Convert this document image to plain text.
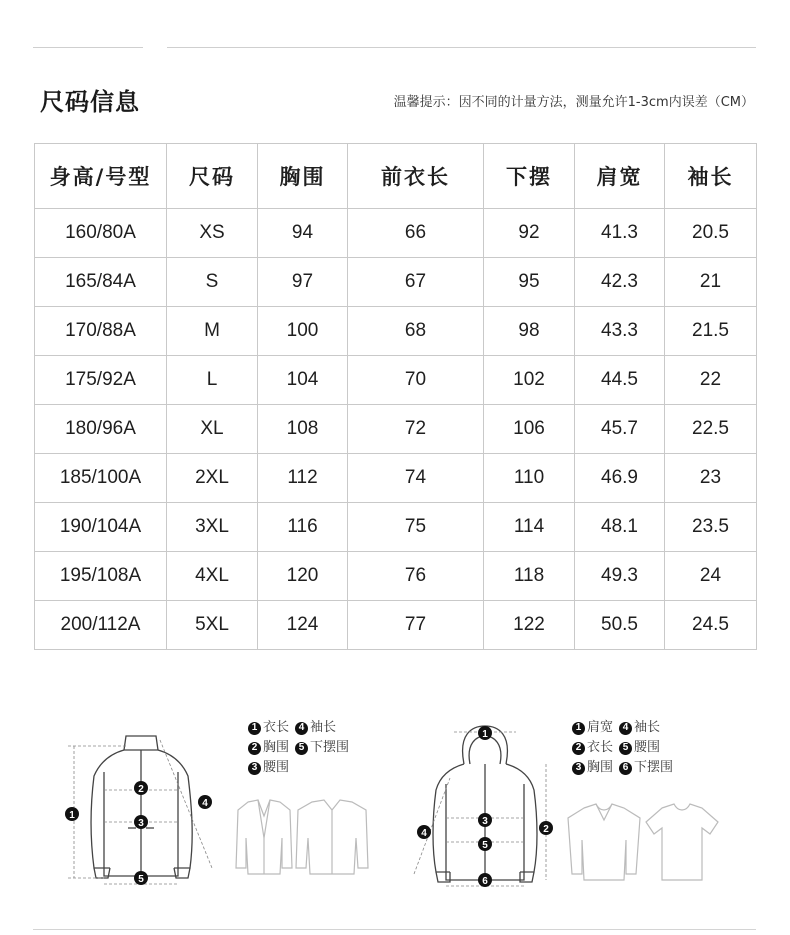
尺码信息	温馨提示：因不同的计量方法，测量允许1-3cm内误差（CM）
身高/号型	尺码	胸围	前衣长	下摆	肩宽	袖长
160/80A	XS	94	66	92	41.3	20.5
165/84A	S	97	67	95	42.3	21
170/88A	M	100	68	98	43.3	21.5
175/92A	L	104	70	102	44.5	22
180/96A	XL	108	72	106	45.7	22.5
185/100A	2XL	112	74	110	46.9	23
190/104A	3XL	116	75	114	48.1	23.5
195/108A	4XL	120	76	118	49.3	24
200/112A	5XL	124	77	122	50.5	24.5
1
2
3
4
5
1 衣长 4 袖长
2 胸围 5 下摆围
3 腰围
1
2
3
4
5
6
1 肩宽 4 袖长
2 衣长 5 腰围
3 胸围 6 下摆围
